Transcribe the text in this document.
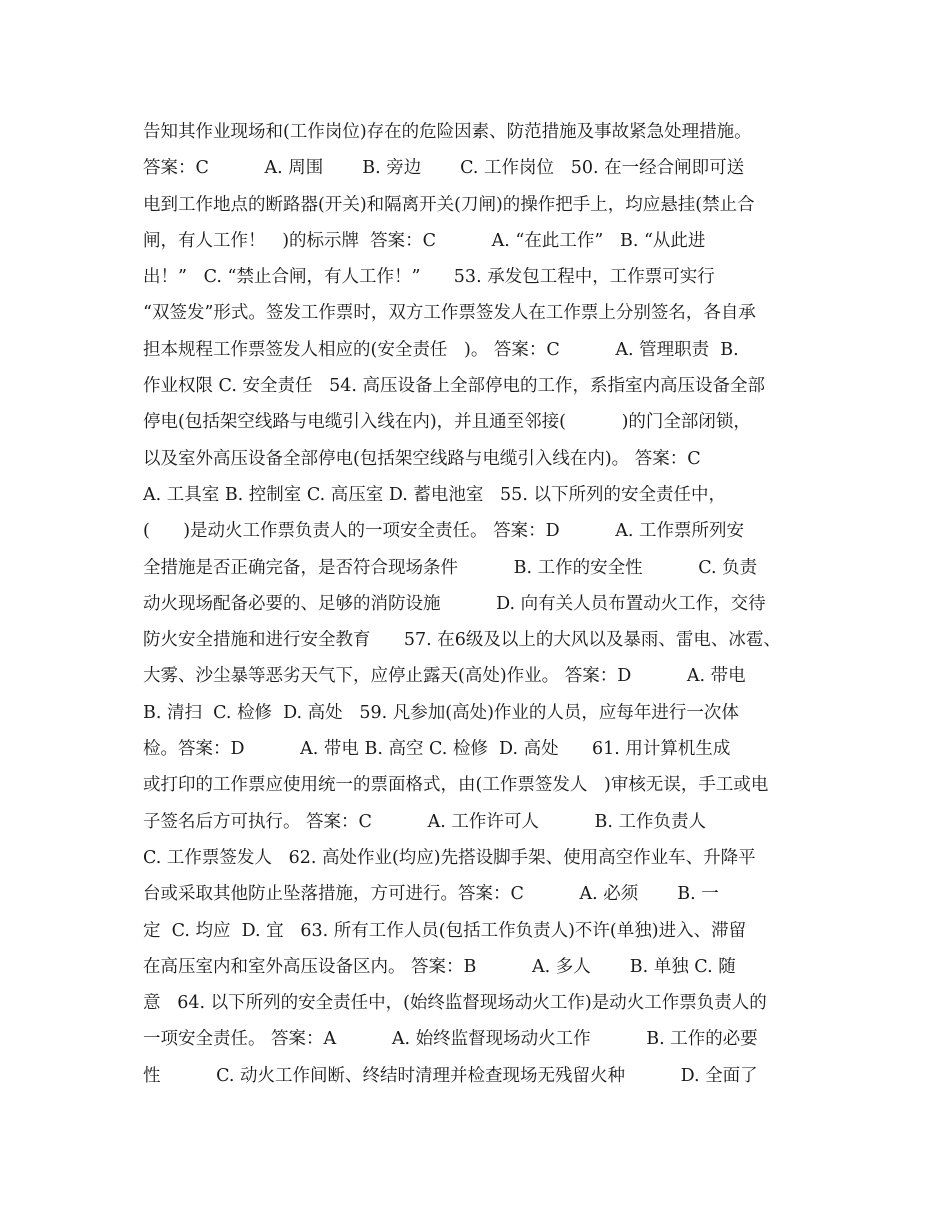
告知其作业现场和(工作岗位)存在的危险因素、防范措施及事故紧急处理措施。
答案：C          A. 周围       B. 旁边       C. 工作岗位   50. 在一经合闸即可送
电到工作地点的断路器(开关)和隔离开关(刀闸)的操作把手上，均应悬挂(禁止合
闸，有人工作！   )的标示牌  答案：C          A. “在此工作”   B. “从此进
出！”   C. “禁止合闸，有人工作！”      53. 承发包工程中，工作票可实行
“双签发”形式。签发工作票时，双方工作票签发人在工作票上分别签名，各自承
担本规程工作票签发人相应的(安全责任   )。 答案：C          A. 管理职责  B.
作业权限 C. 安全责任   54. 高压设备上全部停电的工作，系指室内高压设备全部
停电(包括架空线路与电缆引入线在内)，并且通至邻接(          )的门全部闭锁，
以及室外高压设备全部停电(包括架空线路与电缆引入线在内)。 答案：C
A. 工具室 B. 控制室 C. 高压室 D. 蓄电池室   55. 以下所列的安全责任中，
(      )是动火工作票负责人的一项安全责任。 答案：D          A. 工作票所列安
全措施是否正确完备，是否符合现场条件          B. 工作的安全性          C. 负责
动火现场配备必要的、足够的消防设施          D. 向有关人员布置动火工作，交待
防火安全措施和进行安全教育      57. 在6级及以上的大风以及暴雨、雷电、冰雹、
大雾、沙尘暴等恶劣天气下，应停止露天(高处)作业。 答案：D          A. 带电
B. 清扫  C. 检修  D. 高处   59. 凡参加(高处)作业的人员，应每年进行一次体
检。答案：D          A. 带电 B. 高空 C. 检修  D. 高处      61. 用计算机生成
或打印的工作票应使用统一的票面格式，由(工作票签发人   )审核无误，手工或电
子签名后方可执行。 答案：C          A. 工作许可人          B. 工作负责人
C. 工作票签发人   62. 高处作业(均应)先搭设脚手架、使用高空作业车、升降平
台或采取其他防止坠落措施，方可进行。答案：C          A. 必须       B. 一
定  C. 均应  D. 宜   63. 所有工作人员(包括工作负责人)不许(单独)进入、滞留
在高压室内和室外高压设备区内。 答案：B          A. 多人       B. 单独 C. 随
意   64. 以下所列的安全责任中，(始终监督现场动火工作)是动火工作票负责人的
一项安全责任。 答案：A          A. 始终监督现场动火工作          B. 工作的必要
性          C. 动火工作间断、终结时清理并检查现场无残留火种          D. 全面了
